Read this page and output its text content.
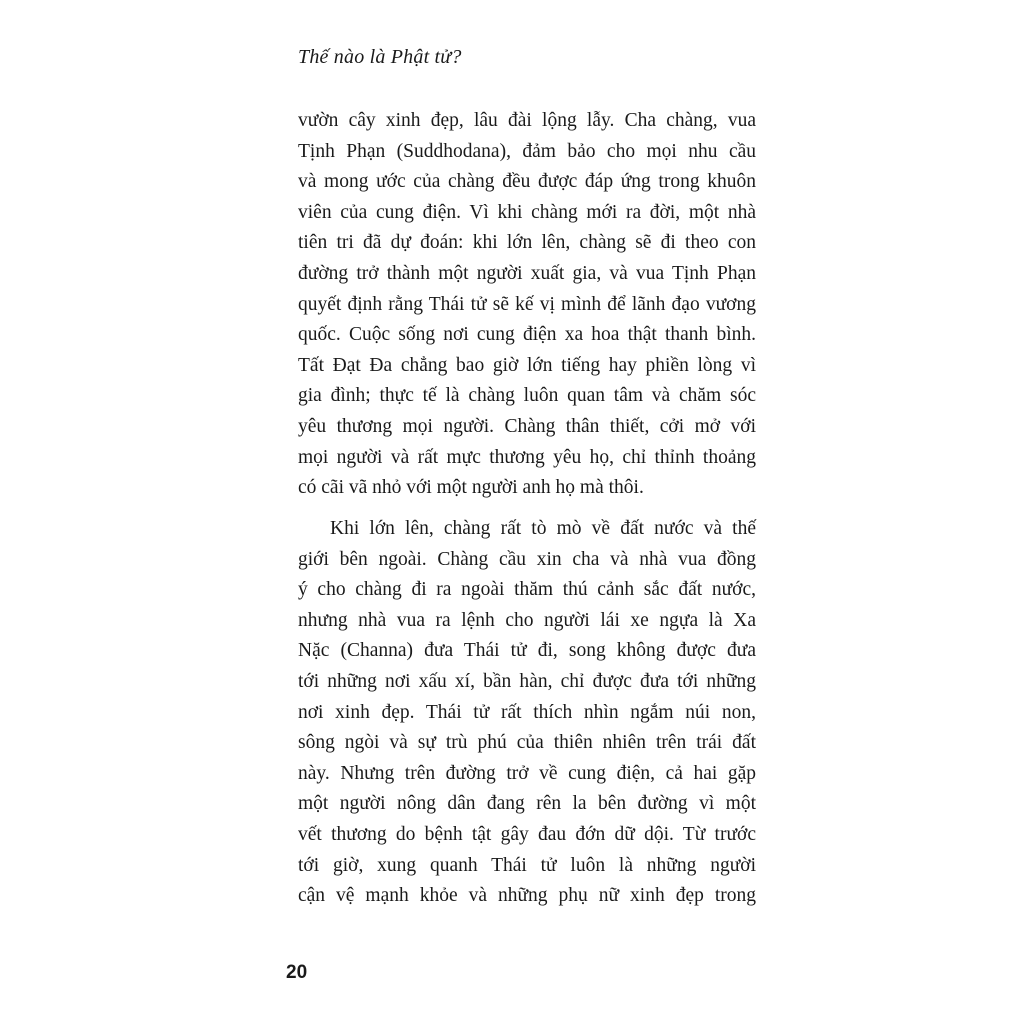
Thế nào là Phật tử?
vườn cây xinh đẹp, lâu đài lộng lẫy. Cha chàng, vua
Tịnh Phạn (Suddhodana), đảm bảo cho mọi nhu cầu
và mong ước của chàng đều được đáp ứng trong khuôn
viên của cung điện. Vì khi chàng mới ra đời, một nhà
tiên tri đã dự đoán: khi lớn lên, chàng sẽ đi theo con
đường trở thành một người xuất gia, và vua Tịnh Phạn
quyết định rằng Thái tử sẽ kế vị mình để lãnh đạo vương
quốc. Cuộc sống nơi cung điện xa hoa thật thanh bình.
Tất Đạt Đa chẳng bao giờ lớn tiếng hay phiền lòng vì
gia đình; thực tế là chàng luôn quan tâm và chăm sóc
yêu thương mọi người. Chàng thân thiết, cởi mở với
mọi người và rất mực thương yêu họ, chỉ thỉnh thoảng
có cãi vã nhỏ với một người anh họ mà thôi.
Khi lớn lên, chàng rất tò mò về đất nước và thế
giới bên ngoài. Chàng cầu xin cha và nhà vua đồng
ý cho chàng đi ra ngoài thăm thú cảnh sắc đất nước,
nhưng nhà vua ra lệnh cho người lái xe ngựa là Xa
Nặc (Channa) đưa Thái tử đi, song không được đưa
tới những nơi xấu xí, bần hàn, chỉ được đưa tới những
nơi xinh đẹp. Thái tử rất thích nhìn ngắm núi non,
sông ngòi và sự trù phú của thiên nhiên trên trái đất
này. Nhưng trên đường trở về cung điện, cả hai gặp
một người nông dân đang rên la bên đường vì một
vết thương do bệnh tật gây đau đớn dữ dội. Từ trước
tới giờ, xung quanh Thái tử luôn là những người
cận vệ mạnh khỏe và những phụ nữ xinh đẹp trong
20
